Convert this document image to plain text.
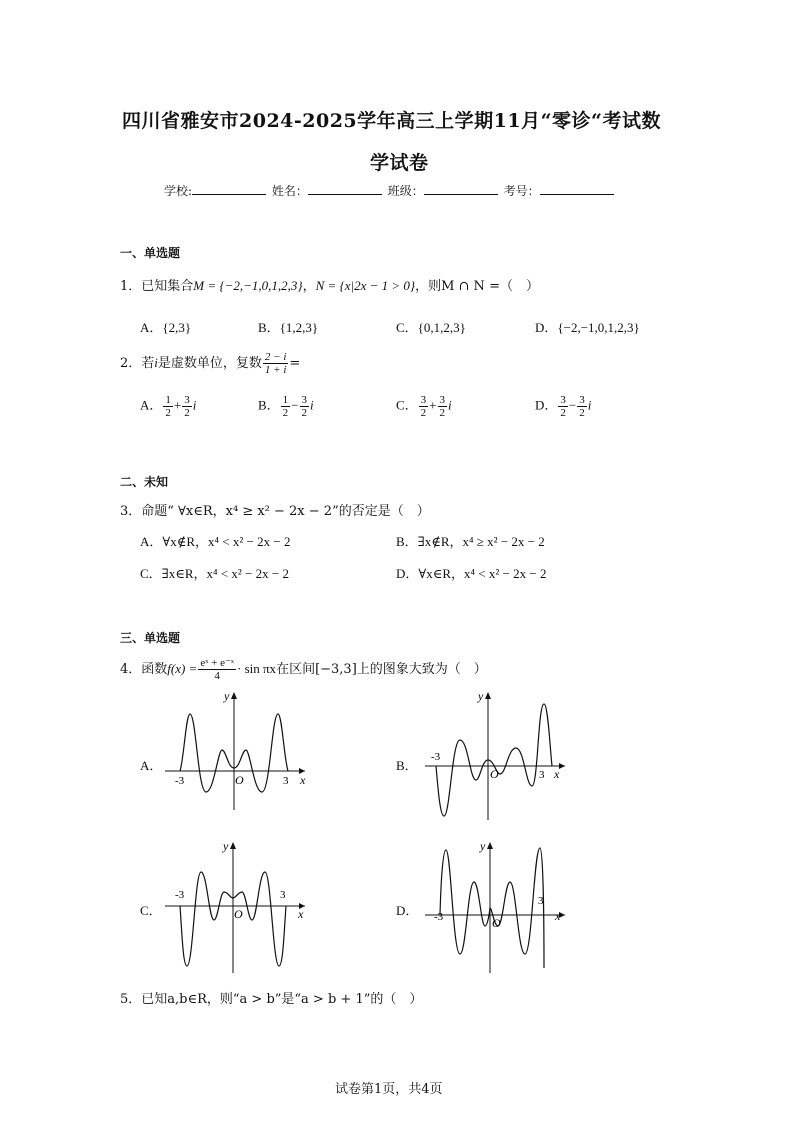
四川省雅安市2024-2025学年高三上学期11月“零诊“考试数
学试卷
学校:	姓名：	班级：	考号：
一、单选题
1．已知集合M = {−2,−1,0,1,2,3}，N = {x|2x − 1 > 0}，则M ∩ N =（　）
A．{2,3}	B．{1,2,3}	C．{0,1,2,3}	D．{−2,−1,0,1,2,3}
2．若i是虚数单位，复数 $\frac{2 - i}{1 + i}$ =
A． $\frac{1}{2} + \frac{3}{2}$ i	B． $\frac{1}{2} - \frac{3}{2}$ i	C． $\frac{3}{2} + \frac{3}{2}$ i	D． $\frac{3}{2} - \frac{3}{2}$ i
二、未知
3．命题“ ∀x∈R，x⁴ ≥ x² − 2x − 2”的否定是（　）
A．∀x∉R，x⁴ < x² − 2x − 2	B．∃x∉R，x⁴ ≥ x² − 2x − 2
C．∃x∈R，x⁴ < x² − 2x − 2	D．∀x∈R，x⁴ < x² − 2x − 2
三、单选题
4．函数$f(x) = \frac{\text{eˣ + e⁻ˣ}}{4} \cdot \sin \pi x$在区间[−3,3]上的图象大致为（　）
A．	B．
C．	D．
x
y
O
-3	3	x
y
O
-3
3
x
y
O
-3	3
x
y
O
-3
3
5．已知a,b∈R，则“a > b”是“a > b + 1”的（　）
试卷第1页，共4页
